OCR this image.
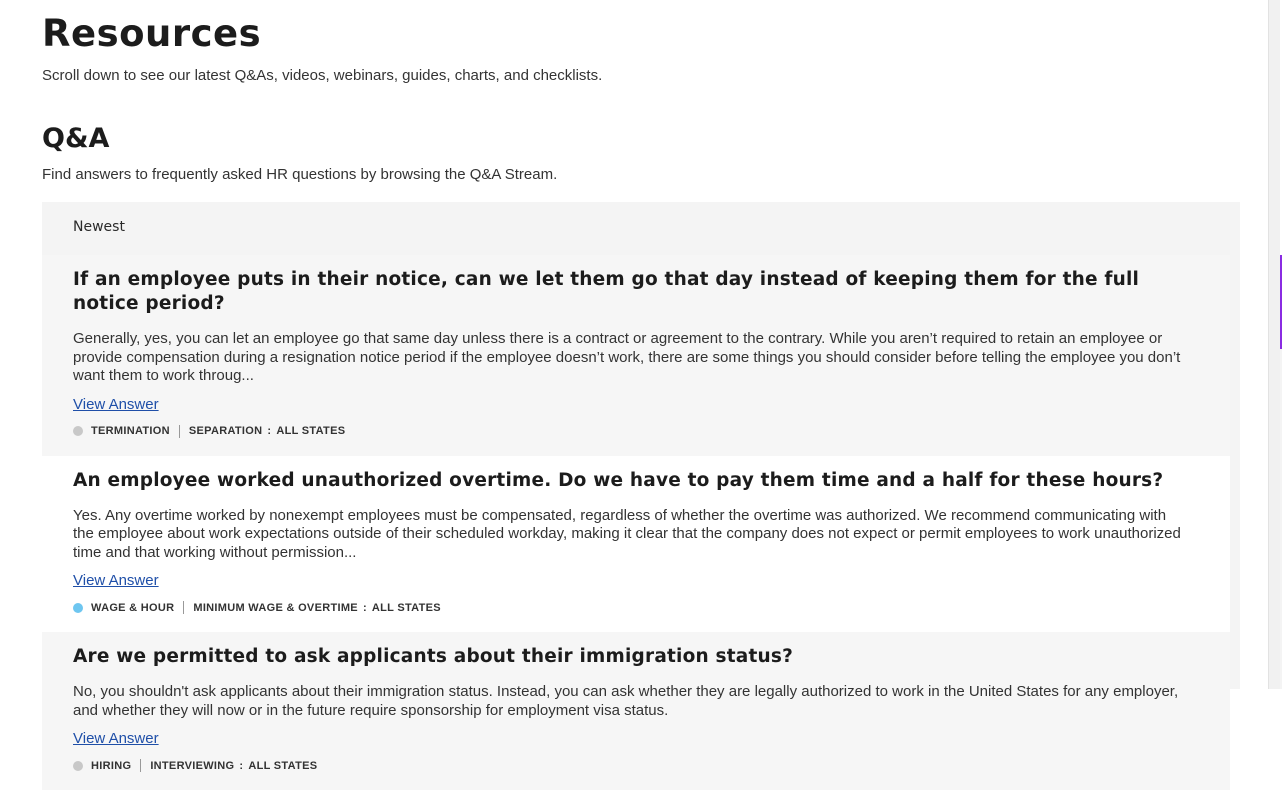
Resources

Scroll down to see our latest Q&As, videos, webinars, guides, charts, and checklists.

Q&A

Find answers to frequently asked HR questions by browsing the Q&A Stream.

Newest
If an employee puts in their notice, can we let them go that day instead of keeping them for the full notice period?

Generally, yes, you can let an employee go that same day unless there is a contract or agreement to the contrary. While you aren’t required to retain an employee or provide compensation during a resignation notice period if the employee doesn’t work, there are some things you should consider before telling the employee you don’t want them to work throug...

View Answer
TERMINATION SEPARATION : ALL STATES
An employee worked unauthorized overtime. Do we have to pay them time and a half for these hours?

Yes. Any overtime worked by nonexempt employees must be compensated, regardless of whether the overtime was authorized. We recommend communicating with the employee about work expectations outside of their scheduled workday, making it clear that the company does not expect or permit employees to work unauthorized time and that working without permission...

View Answer
WAGE & HOUR MINIMUM WAGE & OVERTIME : ALL STATES
Are we permitted to ask applicants about their immigration status?

No, you shouldn't ask applicants about their immigration status. Instead, you can ask whether they are legally authorized to work in the United States for any employer, and whether they will now or in the future require sponsorship for employment visa status.

View Answer
HIRING INTERVIEWING : ALL STATES
